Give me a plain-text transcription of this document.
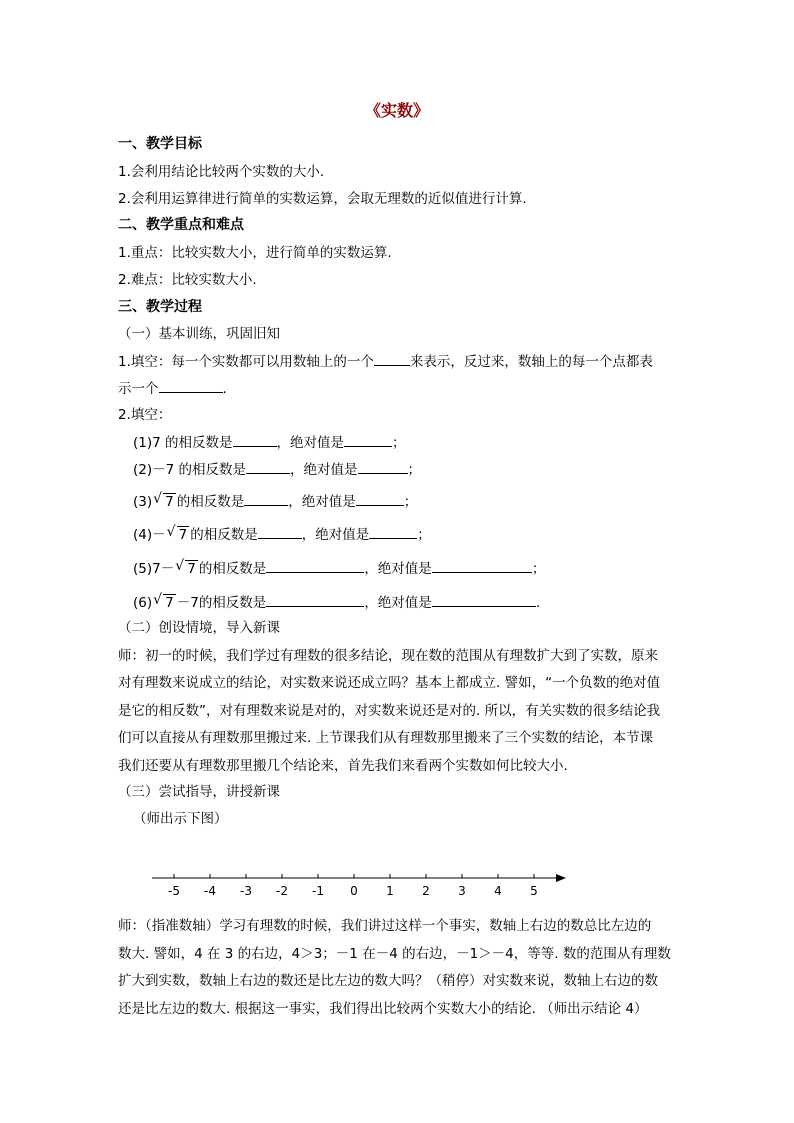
《实数》
一、教学目标
1.会利用结论比较两个实数的大小.
2.会利用运算律进行简单的实数运算，会取无理数的近似值进行计算.
二、教学重点和难点
1.重点：比较实数大小，进行简单的实数运算.
2.难点：比较实数大小.
三、教学过程
（一）基本训练，巩固旧知
1.填空：每一个实数都可以用数轴上的一个	来表示，反过来，数轴上的每一个点都表
示一个	.
2.填空：
(1)7 的相反数是	，绝对值是	；
(2)－7 的相反数是	，绝对值是	；
(3) √ 7 的相反数是	，绝对值是	；
(4)－ √ 7 的相反数是	，绝对值是	；
(5)7－ √ 7 的相反数是	，绝对值是	；
(6) √ 7 －7的相反数是	，绝对值是	.
（二）创设情境，导入新课
师：初一的时候，我们学过有理数的很多结论，现在数的范围从有理数扩大到了实数，原来
对有理数来说成立的结论，对实数来说还成立吗？基本上都成立. 譬如，“一个负数的绝对值
是它的相反数”，对有理数来说是对的，对实数来说还是对的. 所以，有关实数的很多结论我
们可以直接从有理数那里搬过来. 上节课我们从有理数那里搬来了三个实数的结论，本节课
我们还要从有理数那里搬几个结论来，首先我们来看两个实数如何比较大小.
（三）尝试指导，讲授新课
（师出示下图）
-5 -4 -3 -2 -1 0 1 2 3 4 5
师：（指准数轴）学习有理数的时候，我们讲过这样一个事实，数轴上右边的数总比左边的
数大. 譬如，4 在 3 的右边，4＞3；－1 在－4 的右边，－1＞－4，等等. 数的范围从有理数
扩大到实数，数轴上右边的数还是比左边的数大吗？（稍停）对实数来说，数轴上右边的数
还是比左边的数大. 根据这一事实，我们得出比较两个实数大小的结论. （师出示结论 4）
